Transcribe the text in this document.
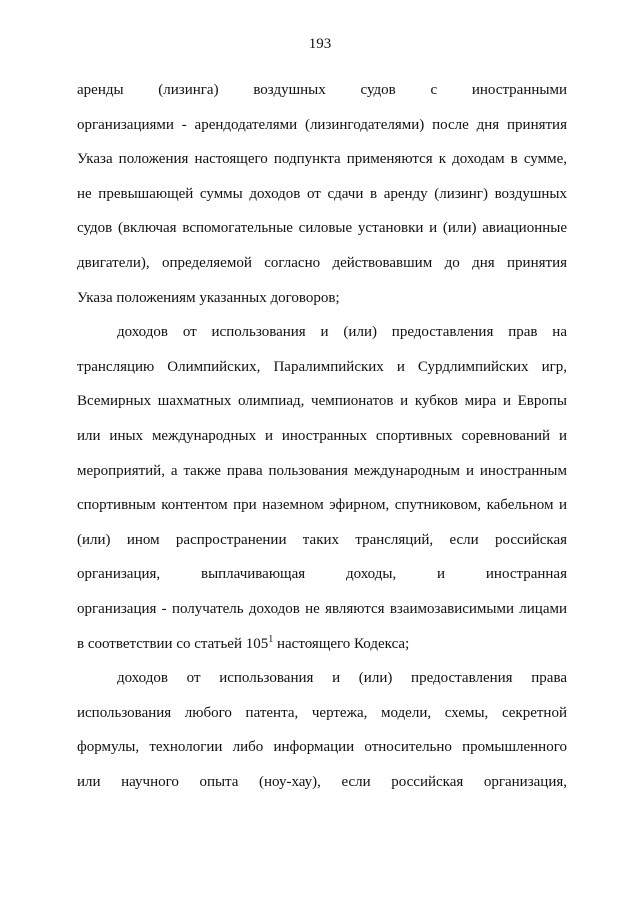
193
аренды (лизинга) воздушных судов с иностранными
организациями - арендодателями (лизингодателями) после дня принятия
Указа положения настоящего подпункта применяются к доходам в сумме,
не превышающей суммы доходов от сдачи в аренду (лизинг) воздушных
судов (включая вспомогательные силовые установки и (или) авиационные
двигатели), определяемой согласно действовавшим до дня принятия
Указа положениям указанных договоров;
доходов от использования и (или) предоставления прав на
трансляцию Олимпийских, Паралимпийских и Сурдлимпийских игр,
Всемирных шахматных олимпиад, чемпионатов и кубков мира и Европы
или иных международных и иностранных спортивных соревнований и
мероприятий, а также права пользования международным и иностранным
спортивным контентом при наземном эфирном, спутниковом, кабельном и
(или) ином распространении таких трансляций, если российская
организация, выплачивающая доходы, и иностранная
организация - получатель доходов не являются взаимозависимыми лицами
в соответствии со статьей $105^1$ настоящего Кодекса;
доходов от использования и (или) предоставления права
использования любого патента, чертежа, модели, схемы, секретной
формулы, технологии либо информации относительно промышленного
или научного опыта (ноу-хау), если российская организация,
